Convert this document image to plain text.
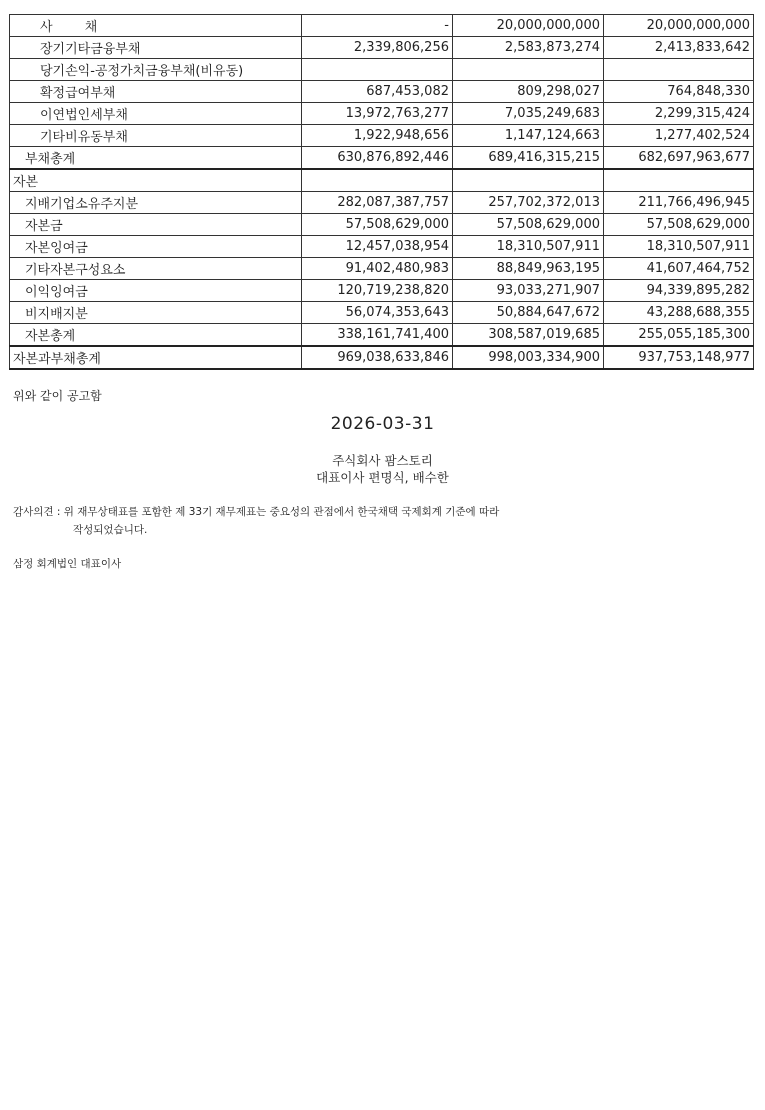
사 채	-	20,000,000,000	20,000,000,000
장기기타금융부채	2,339,806,256	2,583,873,274	2,413,833,642
당기손익-공정가치금융부채(비유동)			
확정급여부채	687,453,082	809,298,027	764,848,330
이연법인세부채	13,972,763,277	7,035,249,683	2,299,315,424
기타비유동부채	1,922,948,656	1,147,124,663	1,277,402,524
부채총계	630,876,892,446	689,416,315,215	682,697,963,677
자본			
지배기업소유주지분	282,087,387,757	257,702,372,013	211,766,496,945
자본금	57,508,629,000	57,508,629,000	57,508,629,000
자본잉여금	12,457,038,954	18,310,507,911	18,310,507,911
기타자본구성요소	91,402,480,983	88,849,963,195	41,607,464,752
이익잉여금	120,719,238,820	93,033,271,907	94,339,895,282
비지배지분	56,074,353,643	50,884,647,672	43,288,688,355
자본총계	338,161,741,400	308,587,019,685	255,055,185,300
자본과부채총계	969,038,633,846	998,003,334,900	937,753,148,977
위와 같이 공고함
2026-03-31
주식회사 팜스토리
대표이사 편명식, 배수한
감사의견 : 위 재무상태표를 포함한 제 33기 재무제표는 중요성의 관점에서 한국채택 국제회계 기준에 따라
작성되었습니다.
삼정 회계법인 대표이사
